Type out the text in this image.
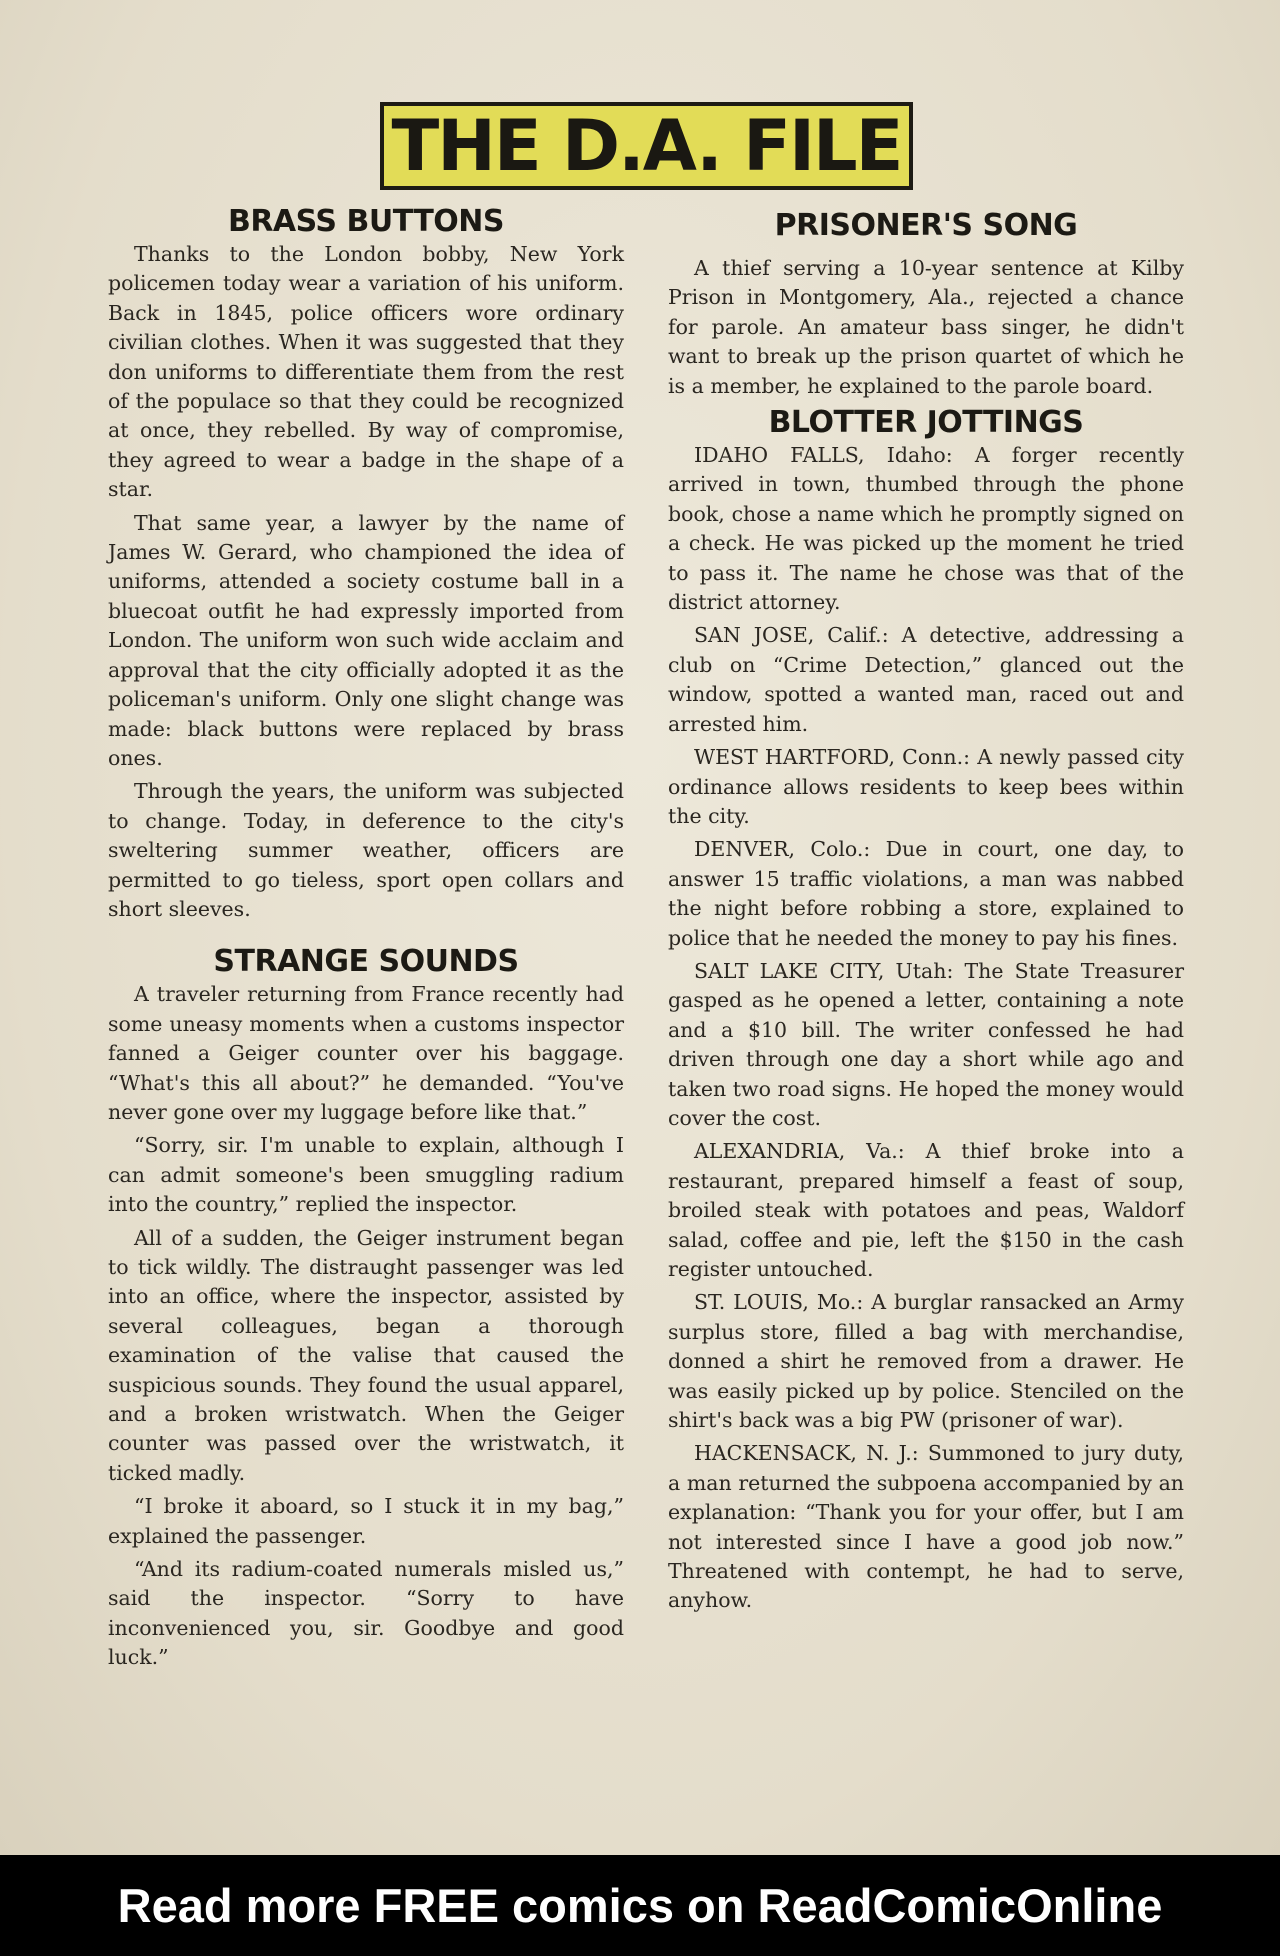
THE D.A. FILE
BRASS BUTTONS

Thanks to the London bobby, New York policemen today wear a variation of his uniform. Back in 1845, police officers wore ordinary civilian clothes. When it was suggested that they don uniforms to differentiate them from the rest of the populace so that they could be recognized at once, they rebelled. By way of compromise, they agreed to wear a badge in the shape of a star.

That same year, a lawyer by the name of James W. Gerard, who championed the idea of uniforms, attended a society costume ball in a bluecoat outfit he had expressly imported from London. The uniform won such wide acclaim and approval that the city officially adopted it as the policeman's uniform. Only one slight change was made: black buttons were replaced by brass ones.

Through the years, the uniform was subjected to change. Today, in deference to the city's sweltering summer weather, officers are permitted to go tieless, sport open collars and short sleeves.

STRANGE SOUNDS

A traveler returning from France recently had some uneasy moments when a customs inspector fanned a Geiger counter over his baggage. “What's this all about?” he demanded. “You've never gone over my luggage before like that.”

“Sorry, sir. I'm unable to explain, although I can admit someone's been smuggling radium into the country,” replied the inspector.

All of a sudden, the Geiger instrument began to tick wildly. The distraught passenger was led into an office, where the inspector, assisted by several colleagues, began a thorough examination of the valise that caused the suspicious sounds. They found the usual apparel, and a broken wristwatch. When the Geiger counter was passed over the wristwatch, it ticked madly.

“I broke it aboard, so I stuck it in my bag,” explained the passenger.

“And its radium-coated numerals misled us,” said the inspector. “Sorry to have inconvenienced you, sir. Goodbye and good luck.”

PRISONER'S SONG

A thief serving a 10-year sentence at Kilby Prison in Montgomery, Ala., rejected a chance for parole. An amateur bass singer, he didn't want to break up the prison quartet of which he is a member, he explained to the parole board.

BLOTTER JOTTINGS

IDAHO FALLS, Idaho: A forger recently arrived in town, thumbed through the phone book, chose a name which he promptly signed on a check. He was picked up the moment he tried to pass it. The name he chose was that of the district attorney.

SAN JOSE, Calif.: A detective, addressing a club on “Crime Detection,” glanced out the window, spotted a wanted man, raced out and arrested him.

WEST HARTFORD, Conn.: A newly passed city ordinance allows residents to keep bees within the city.

DENVER, Colo.: Due in court, one day, to answer 15 traffic violations, a man was nabbed the night before robbing a store, explained to police that he needed the money to pay his fines.

SALT LAKE CITY, Utah: The State Treasurer gasped as he opened a letter, containing a note and a $10 bill. The writer confessed he had driven through one day a short while ago and taken two road signs. He hoped the money would cover the cost.

ALEXANDRIA, Va.: A thief broke into a restaurant, prepared himself a feast of soup, broiled steak with potatoes and peas, Waldorf salad, coffee and pie, left the $150 in the cash register untouched.

ST. LOUIS, Mo.: A burglar ransacked an Army surplus store, filled a bag with merchandise, donned a shirt he removed from a drawer. He was easily picked up by police. Stenciled on the shirt's back was a big PW (prisoner of war).

HACKENSACK, N. J.: Summoned to jury duty, a man returned the subpoena accompanied by an explanation: “Thank you for your offer, but I am not interested since I have a good job now.” Threatened with contempt, he had to serve, anyhow.

Read more FREE comics on ReadComicOnline
